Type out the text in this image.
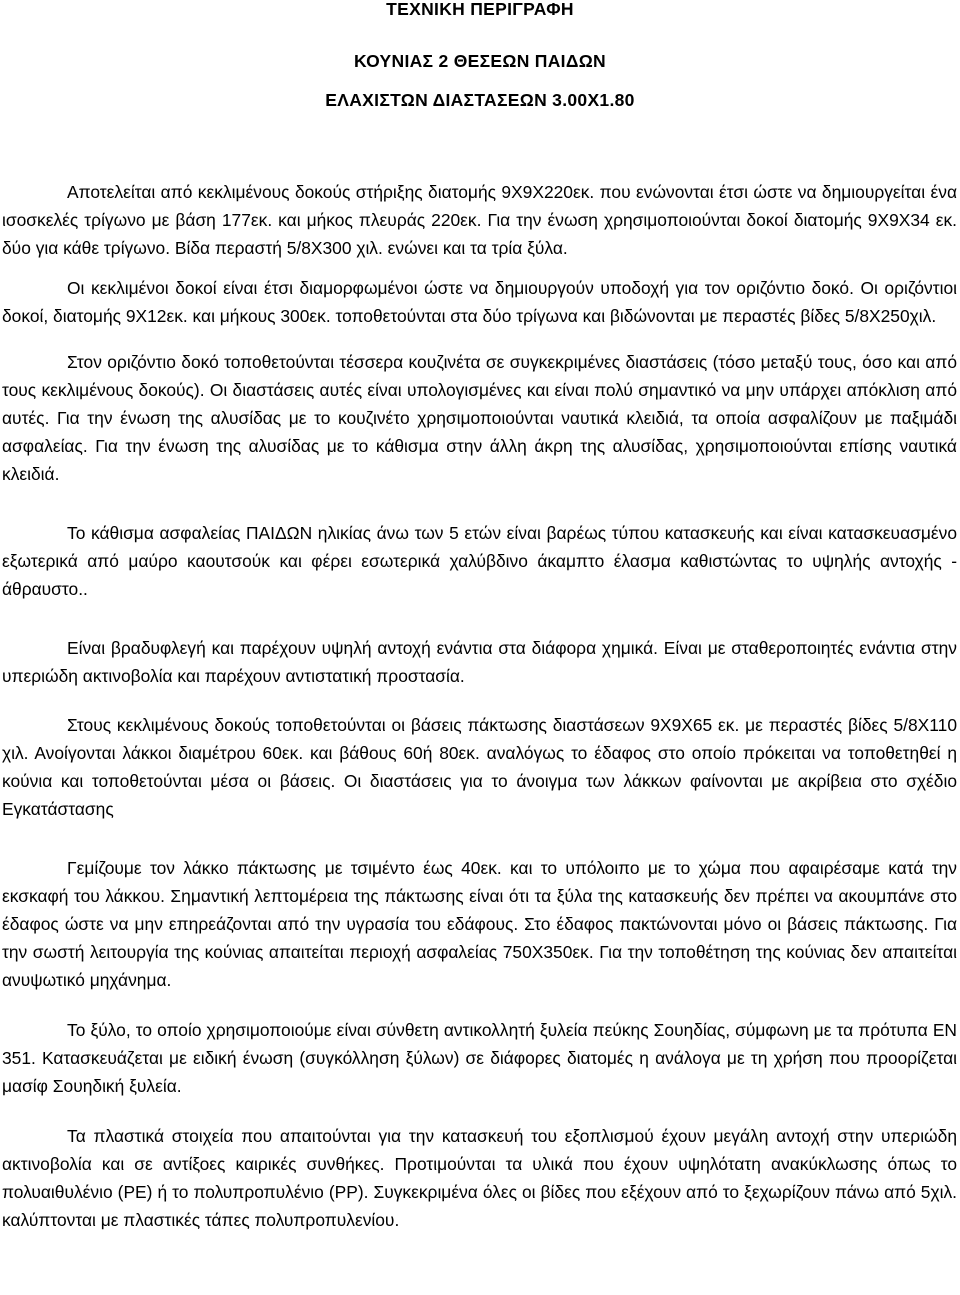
ΤΕΧΝΙΚΗ ΠΕΡΙΓΡΑΦΗ

ΚΟΥΝΙΑΣ 2 ΘΕΣΕΩΝ ΠΑΙΔΩΝ

ΕΛΑΧΙΣΤΩΝ ΔΙΑΣΤΑΣΕΩΝ 3.00Χ1.80

Αποτελείται από κεκλιμένους δοκούς στήριξης διατομής 9Χ9Χ220εκ. που ενώνονται έτσι ώστε να δημιουργείται ένα ισοσκελές τρίγωνο με βάση 177εκ. και μήκος πλευράς 220εκ. Για την ένωση χρησιμοποιούνται δοκοί διατομής 9Χ9Χ34 εκ. δύο για κάθε τρίγωνο. Βίδα περαστή 5/8Χ300 χιλ. ενώνει και τα τρία ξύλα.

Οι κεκλιμένοι δοκοί είναι έτσι διαμορφωμένοι ώστε να δημιουργούν υποδοχή για τον οριζόντιο δοκό. Οι οριζόντιοι δοκοί, διατομής 9Χ12εκ. και μήκους 300εκ. τοποθετούνται στα δύο τρίγωνα και βιδώνονται με περαστές βίδες 5/8Χ250χιλ.

Στον οριζόντιο δοκό τοποθετούνται τέσσερα κουζινέτα σε συγκεκριμένες διαστάσεις (τόσο μεταξύ τους, όσο και από τους κεκλιμένους δοκούς). Οι διαστάσεις αυτές είναι υπολογισμένες και είναι πολύ σημαντικό να μην υπάρχει απόκλιση από αυτές. Για την ένωση της αλυσίδας με το κουζινέτο χρησιμοποιούνται ναυτικά κλειδιά, τα οποία ασφαλίζουν με παξιμάδι ασφαλείας. Για την ένωση της αλυσίδας με το κάθισμα στην άλλη άκρη της αλυσίδας, χρησιμοποιούνται επίσης ναυτικά κλειδιά.

Το κάθισμα ασφαλείας ΠΑΙΔΩΝ ηλικίας άνω των 5 ετών είναι βαρέως τύπου κατασκευής και είναι κατασκευασμένο εξωτερικά από μαύρο καουτσούκ και φέρει εσωτερικά χαλύβδινο άκαμπτο έλασμα καθιστώντας το υψηλής αντοχής - άθραυστο..

Είναι βραδυφλεγή και παρέχουν υψηλή αντοχή ενάντια στα διάφορα χημικά. Είναι με σταθεροποιητές ενάντια στην υπεριώδη ακτινοβολία και παρέχουν αντιστατική προστασία.

Στους κεκλιμένους δοκούς τοποθετούνται οι βάσεις πάκτωσης διαστάσεων 9Χ9Χ65 εκ. με περαστές βίδες 5/8Χ110 χιλ. Ανοίγονται λάκκοι διαμέτρου 60εκ. και βάθους 60ή 80εκ. αναλόγως το έδαφος στο οποίο πρόκειται να τοποθετηθεί η κούνια και τοποθετούνται μέσα οι βάσεις. Οι διαστάσεις για το άνοιγμα των λάκκων φαίνονται με ακρίβεια στο σχέδιο Εγκατάστασης

Γεμίζουμε τον λάκκο πάκτωσης με τσιμέντο έως 40εκ. και το υπόλοιπο με το χώμα που αφαιρέσαμε κατά την εκσκαφή του λάκκου. Σημαντική λεπτομέρεια της πάκτωσης είναι ότι τα ξύλα της κατασκευής δεν πρέπει να ακουμπάνε στο έδαφος ώστε να μην επηρεάζονται από την υγρασία του εδάφους. Στο έδαφος πακτώνονται μόνο οι βάσεις πάκτωσης. Για την σωστή λειτουργία της κούνιας απαιτείται περιοχή ασφαλείας 750Χ350εκ. Για την τοποθέτηση της κούνιας δεν απαιτείται ανυψωτικό μηχάνημα.

Το ξύλο, το οποίο χρησιμοποιούμε είναι σύνθετη αντικολλητή ξυλεία πεύκης Σουηδίας, σύμφωνη με τα πρότυπα ΕΝ 351. Κατασκευάζεται με ειδική ένωση (συγκόλληση ξύλων) σε διάφορες διατομές η ανάλογα με τη χρήση που προορίζεται μασίφ Σουηδική ξυλεία.

Τα πλαστικά στοιχεία που απαιτούνται για την κατασκευή του εξοπλισμού έχουν μεγάλη αντοχή στην υπεριώδη ακτινοβολία και σε αντίξοες καιρικές συνθήκες. Προτιμούνται τα υλικά που έχουν υψηλότατη ανακύκλωσης όπως το πολυαιθυλένιο (PE) ή το πολυπροπυλένιο (PP). Συγκεκριμένα όλες οι βίδες που εξέχουν από το ξεχωρίζουν πάνω από 5χιλ. καλύπτονται με πλαστικές τάπες πολυπροπυλενίου.
